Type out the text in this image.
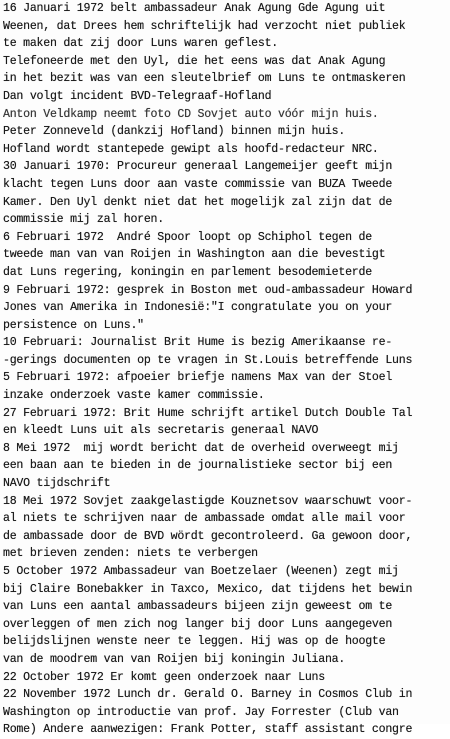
16 Januari 1972 belt ambassadeur Anak Agung Gde Agung uit
Weenen, dat Drees hem schriftelijk had verzocht niet publiek
te maken dat zij door Luns waren geflest.
Telefoneerde met den Uyl, die het eens was dat Anak Agung
in het bezit was van een sleutelbrief om Luns te ontmaskeren
Dan volgt incident BVD-Telegraaf-Hofland
Anton Veldkamp neemt foto CD Sovjet auto vóór mijn huis.
Peter Zonneveld (dankzij Hofland) binnen mijn huis.
Hofland wordt stantepede gewipt als hoofd-redacteur NRC.
30 Januari 1970: Procureur generaal Langemeijer geeft mijn
klacht tegen Luns door aan vaste commissie van BUZA Tweede
Kamer. Den Uyl denkt niet dat het mogelijk zal zijn dat de
commissie mij zal horen.
6 Februari 1972  André Spoor loopt op Schiphol tegen de
tweede man van van Roijen in Washington aan die bevestigt
dat Luns regering, koningin en parlement besodemieterde
9 Februari 1972: gesprek in Boston met oud-ambassadeur Howard
Jones van Amerika in Indonesië:"I congratulate you on your
persistence on Luns."
10 Februari: Journalist Brit Hume is bezig Amerikaanse re-
-gerings documenten op te vragen in St.Louis betreffende Luns
5 Februari 1972: afpoeier briefje namens Max van der Stoel
inzake onderzoek vaste kamer commissie.
27 Februari 1972: Brit Hume schrijft artikel Dutch Double Tal
en kleedt Luns uit als secretaris generaal NAVO
8 Mei 1972  mij wordt bericht dat de overheid overweegt mij
een baan aan te bieden in de journalistieke sector bij een
NAVO tijdschrift
18 Mei 1972 Sovjet zaakgelastigde Kouznetsov waarschuwt voor-
al niets te schrijven naar de ambassade omdat alle mail voor
de ambassade door de BVD wördt gecontroleerd. Ga gewoon door,
met brieven zenden: niets te verbergen
5 October 1972 Ambassadeur van Boetzelaer (Weenen) zegt mij
bij Claire Bonebakker in Taxco, Mexico, dat tijdens het bewin
van Luns een aantal ambassadeurs bijeen zijn geweest om te
overleggen of men zich nog langer bij door Luns aangegeven
belijdslijnen wenste neer te leggen. Hij was op de hoogte
van de moodrem van van Roijen bij koningin Juliana.
22 October 1972 Er komt geen onderzoek naar Luns
22 November 1972 Lunch dr. Gerald O. Barney in Cosmos Club in
Washington op introductie van prof. Jay Forrester (Club van
Rome) Andere aanwezigen: Frank Potter, staff assistant congre
